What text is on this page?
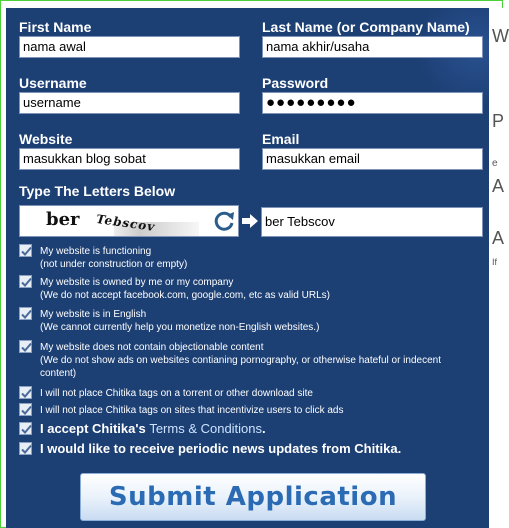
W
P
e
A
A
If
First Name
nama awal
Last Name (or Company Name)
nama akhir/usaha
Username
username
Password
●●●●●●●●●
Website
masukkan blog sobat
Email
masukkan email
Type The Letters Below
ber Tebscov	ber Tebscov
My website is functioning
(not under construction or empty)
My website is owned by me or my company
(We do not accept facebook.com, google.com, etc as valid URLs)
My website is in English
(We cannot currently help you monetize non-English websites.)
My website does not contain objectionable content
(We do not show ads on websites contianing pornography, or otherwise hateful or indecent
content)
I will not place Chitika tags on a torrent or other download site
I will not place Chitika tags on sites that incentivize users to click ads
I accept Chitika's Terms & Conditions.
I would like to receive periodic news updates from Chitika.
Submit Application
